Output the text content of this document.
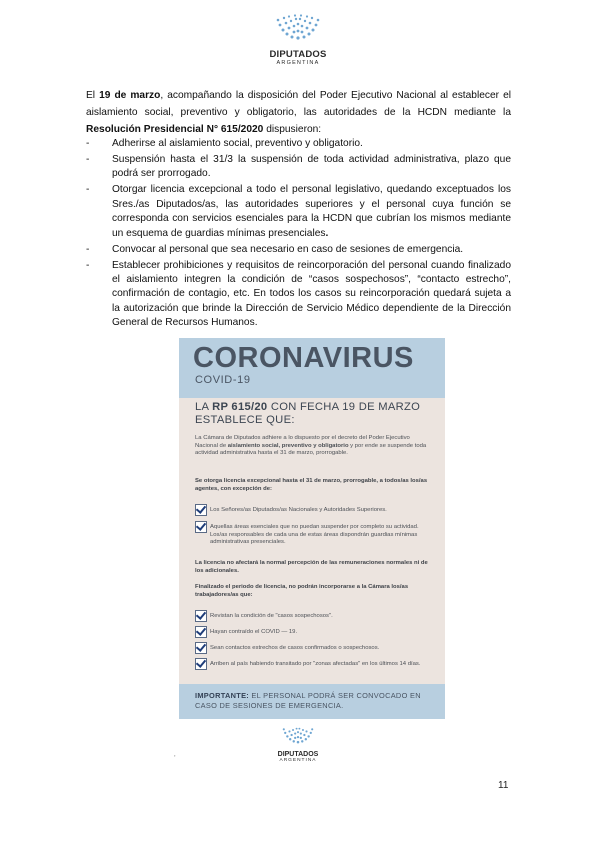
DIPUTADOS
ARGENTINA
El 19 de marzo, acompañando la disposición del Poder Ejecutivo Nacional al establecer el aislamiento social, preventivo y obligatorio, las autoridades de la HCDN mediante la Resolución Presidencial N° 615/2020 dispusieron:
- Adherirse al aislamiento social, preventivo y obligatorio.
- Suspensión hasta el 31/3 la suspensión de toda actividad administrativa, plazo que podrá ser prorrogado.
- Otorgar licencia excepcional a todo el personal legislativo, quedando exceptuados los Sres./as Diputados/as, las autoridades superiores y el personal cuya función se corresponda con servicios esenciales para la HCDN que cubrían los mismos mediante un esquema de guardias mínimas presenciales.
- Convocar al personal que sea necesario en caso de sesiones de emergencia.
- Establecer prohibiciones y requisitos de reincorporación del personal cuando finalizado el aislamiento integren la condición de “casos sospechosos”, “contacto estrecho”, confirmación de contagio, etc. En todos los casos su reincorporación quedará sujeta a la autorización que brinde la Dirección de Servicio Médico dependiente de la Dirección General de Recursos Humanos.
CORONAVIRUS
COVID-19
LA RP 615/20 CON FECHA 19 DE MARZO ESTABLECE QUE:
La Cámara de Diputados adhiere a lo dispuesto por el decreto del Poder Ejecutivo Nacional de aislamiento social, preventivo y obligatorio y por ende se suspende toda actividad administrativa hasta el 31 de marzo, prorrogable.
Se otorga licencia excepcional hasta el 31 de marzo, prorrogable, a todos/as los/as agentes, con excepción de:
Los Señores/as Diputados/as Nacionales y Autoridades Superiores.
Aquellas áreas esenciales que no puedan suspender por completo su actividad. Los/as responsables de cada una de estas áreas dispondrán guardias mínimas administrativas presenciales.
La licencia no afectará la normal percepción de las remuneraciones normales ni de los adicionales.
Finalizado el periodo de licencia, no podrán incorporarse a la Cámara los/as trabajadores/as que:
Revistan la condición de "casos sospechosos".
Hayan contraído el COVID — 19.
Sean contactos estrechos de casos confirmados o sospechosos.
Arriben al país habiendo transitado por "zonas afectadas" en los últimos 14 días.
IMPORTANTE: EL PERSONAL PODRÁ SER CONVOCADO EN CASO DE SESIONES DE EMERGENCIA.
DIPUTADOS
ARGENTINA
,
11
